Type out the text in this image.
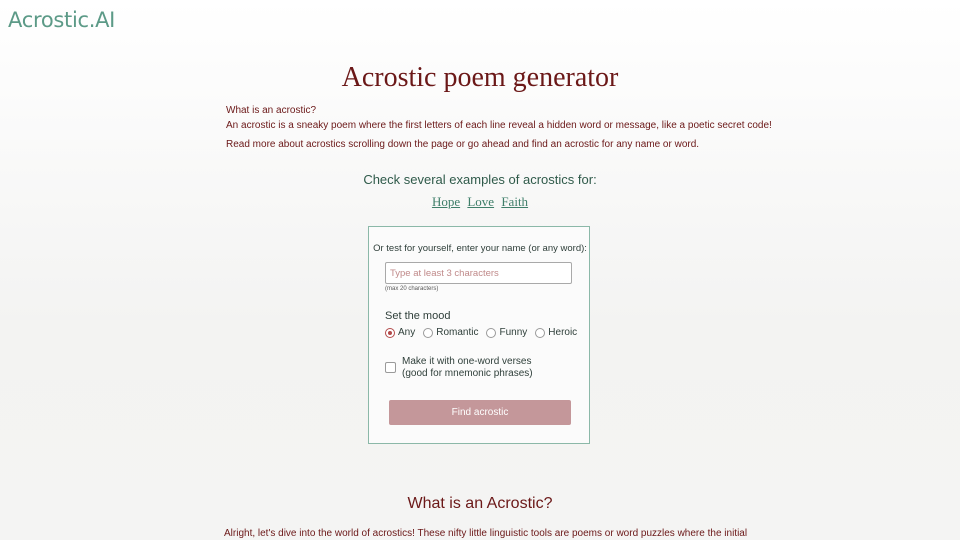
Acrostic.AI
Acrostic poem generator
What is an acrostic?
An acrostic is a sneaky poem where the first letters of each line reveal a hidden word or message, like a poetic secret code!
Read more about acrostics scrolling down the page or go ahead and find an acrostic for any name or word.
Check several examples of acrostics for:
Hope Love Faith
Or test for yourself, enter your name (or any word):
Type at least 3 characters
(max 20 characters)
Set the mood
Any Romantic Funny Heroic
Make it with one-word verses
(good for mnemonic phrases)
Find acrostic
What is an Acrostic?
Alright, let's dive into the world of acrostics! These nifty little linguistic tools are poems or word puzzles where the initial
